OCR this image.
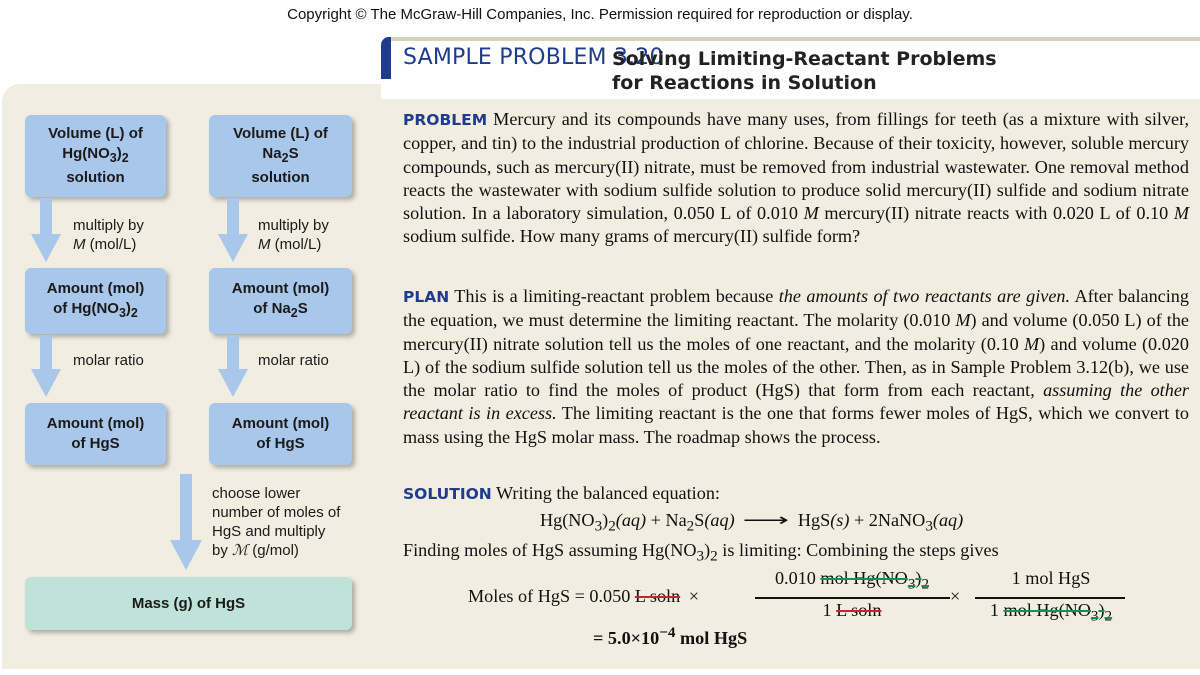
Copyright © The McGraw-Hill Companies, Inc. Permission required for reproduction or display.
SAMPLE PROBLEM 3.20
Solving Limiting-Reactant Problems
for Reactions in Solution
Volume (L) of
$Hg(NO_3)_2$
solution
multiply by
M (mol/L)
Amount (mol)
of $Hg(NO_3)_2$
molar ratio
Amount (mol)
of HgS
Volume (L) of
$Na_2S$
solution
multiply by
M (mol/L)
Amount (mol)
of $Na_2S$
molar ratio
Amount (mol)
of HgS
choose lower
number of moles of
HgS and multiply
by ℳ (g/mol)
Mass (g) of HgS
PROBLEM Mercury and its compounds have many uses, from fillings for teeth (as a mixture with silver, copper, and tin) to the industrial production of chlorine. Because of their toxicity, however, soluble mercury compounds, such as mercury(II) nitrate, must be removed from industrial wastewater. One removal method reacts the wastewater with sodium sulfide solution to produce solid mercury(II) sulfide and sodium nitrate solution. In a laboratory simulation, 0.050 L of 0.010 M mercury(II) nitrate reacts with 0.020 L of 0.10 M sodium sulfide. How many grams of mercury(II) sulfide form?
PLAN This is a limiting-reactant problem because the amounts of two reactants are given. After balancing the equation, we must determine the limiting reactant. The molarity (0.010 M) and volume (0.050 L) of the mercury(II) nitrate solution tell us the moles of one reactant, and the molarity (0.10 M) and volume (0.020 L) of the sodium sulfide solution tell us the moles of the other. Then, as in Sample Problem 3.12(b), we use the molar ratio to find the moles of product (HgS) that form from each reactant, assuming the other reactant is in excess. The limiting reactant is the one that forms fewer moles of HgS, which we convert to mass using the HgS molar mass. The roadmap shows the process.
SOLUTION Writing the balanced equation:
$Hg(NO_3)_2(aq) + Na_2S(aq)$ ⟶ HgS(s) + 2NaNO$_3$(aq)
Finding moles of HgS assuming $Hg(NO_3)_2$ is limiting: Combining the steps gives
Moles of HgS = 0.050 L soln ×
0.010 mol $Hg(NO_3)_2$
1 L soln
×
1 mol HgS
1 mol $Hg(NO_3)_2$
= $5.0\times 10^{-4}$ mol HgS
